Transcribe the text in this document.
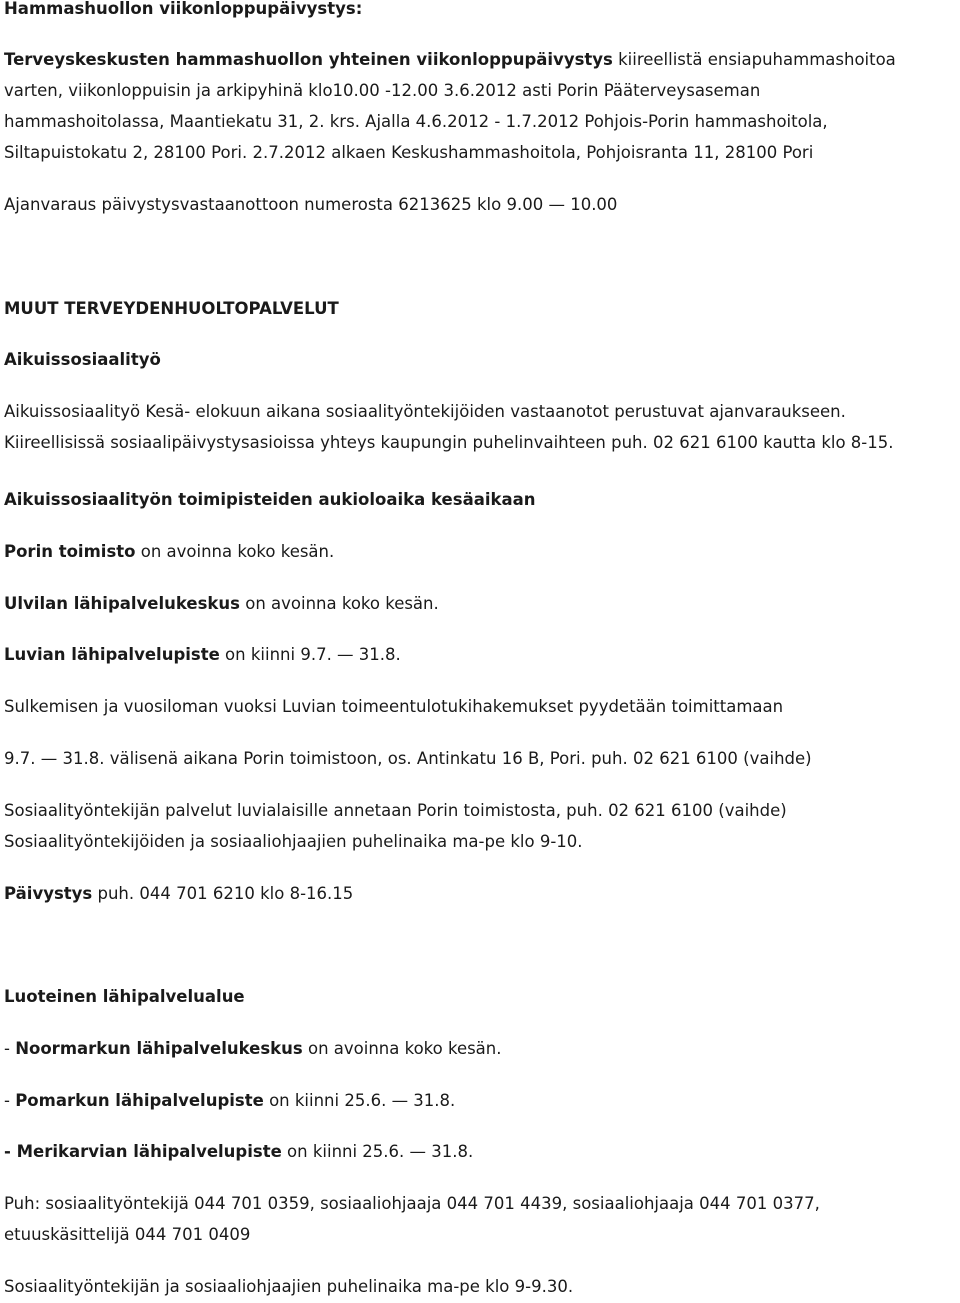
Hammashuollon viikonloppupäivystys:

Terveyskeskusten hammashuollon yhteinen viikonloppupäivystys kiireellistä ensiapuhammashoitoa

varten, viikonloppuisin ja arkipyhinä klo10.00 -12.00 3.6.2012 asti Porin Pääterveysaseman

hammashoitolassa, Maantiekatu 31, 2. krs. Ajalla 4.6.2012 - 1.7.2012 Pohjois-Porin hammashoitola,

Siltapuistokatu 2, 28100 Pori. 2.7.2012 alkaen Keskushammashoitola, Pohjoisranta 11, 28100 Pori

Ajanvaraus päivystysvastaanottoon numerosta 6213625 klo 9.00 — 10.00

MUUT TERVEYDENHUOLTOPALVELUT

Aikuissosiaalityö

Aikuissosiaalityö Kesä- elokuun aikana sosiaalityöntekijöiden vastaanotot perustuvat ajanvaraukseen.

Kiireellisissä sosiaalipäivystysasioissa yhteys kaupungin puhelinvaihteen puh. 02 621 6100 kautta klo 8-15.

Aikuissosiaalityön toimipisteiden aukioloaika kesäaikaan

Porin toimisto on avoinna koko kesän.

Ulvilan lähipalvelukeskus on avoinna koko kesän.

Luvian lähipalvelupiste on kiinni 9.7. — 31.8.

Sulkemisen ja vuosiloman vuoksi Luvian toimeentulotukihakemukset pyydetään toimittamaan

9.7. — 31.8. välisenä aikana Porin toimistoon, os. Antinkatu 16 B, Pori. puh. 02 621 6100 (vaihde)

Sosiaalityöntekijän palvelut luvialaisille annetaan Porin toimistosta, puh. 02 621 6100 (vaihde)

Sosiaalityöntekijöiden ja sosiaaliohjaajien puhelinaika ma-pe klo 9-10.

Päivystys puh. 044 701 6210 klo 8-16.15

Luoteinen lähipalvelualue

- Noormarkun lähipalvelukeskus on avoinna koko kesän.

- Pomarkun lähipalvelupiste on kiinni 25.6. — 31.8.

- Merikarvian lähipalvelupiste on kiinni 25.6. — 31.8.

Puh: sosiaalityöntekijä 044 701 0359, sosiaaliohjaaja 044 701 4439, sosiaaliohjaaja 044 701 0377,

etuuskäsittelijä 044 701 0409

Sosiaalityöntekijän ja sosiaaliohjaajien puhelinaika ma-pe klo 9-9.30.
